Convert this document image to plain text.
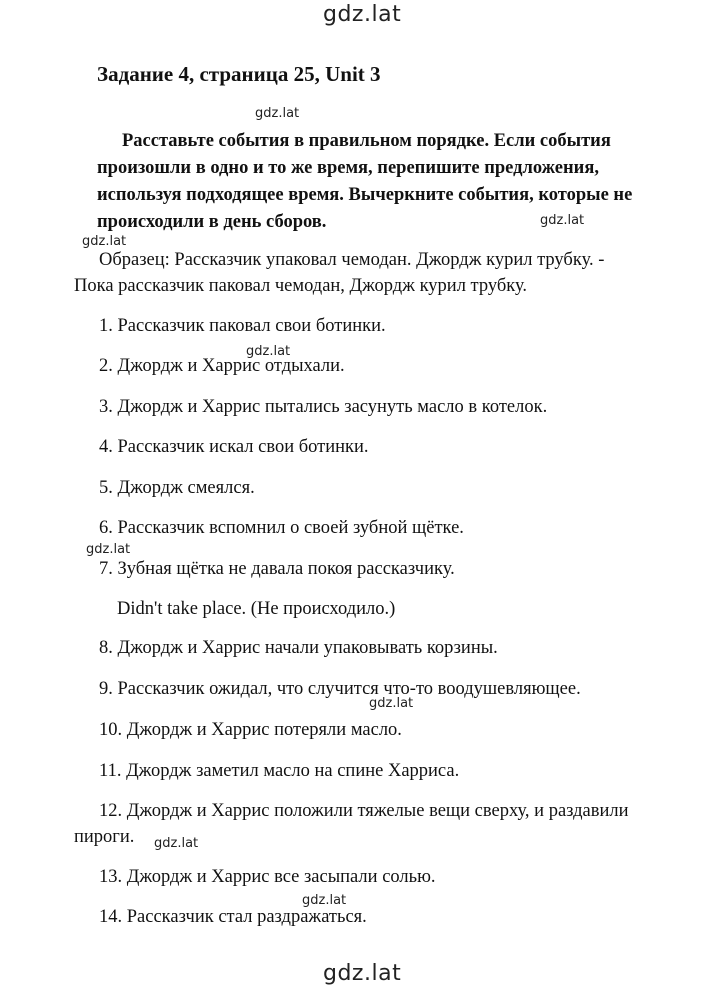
gdz.lat
gdz.lat
gdz.lat
gdz.lat
gdz.lat
gdz.lat
gdz.lat
gdz.lat
gdz.lat
gdz.lat
Задание 4, страница 25, Unit 3
Расставьте события в правильном порядке. Если события
произошли в одно и то же время, перепишите предложения,
используя подходящее время. Вычеркните события, которые не
происходили в день сборов.
Образец: Рассказчик упаковал чемодан. Джордж курил трубку. -
Пока рассказчик паковал чемодан, Джордж курил трубку.
1. Рассказчик паковал свои ботинки.
2. Джордж и Харрис отдыхали.
3. Джордж и Харрис пытались засунуть масло в котелок.
4. Рассказчик искал свои ботинки.
5. Джордж смеялся.
6. Рассказчик вспомнил о своей зубной щётке.
7. Зубная щётка не давала покоя рассказчику.
Didn't take place. (Не происходило.)
8. Джордж и Харрис начали упаковывать корзины.
9. Рассказчик ожидал, что случится что-то воодушевляющее.
10. Джордж и Харрис потеряли масло.
11. Джордж заметил масло на спине Харриса.
12. Джордж и Харрис положили тяжелые вещи сверху, и раздавили
пироги.
13. Джордж и Харрис все засыпали солью.
14. Рассказчик стал раздражаться.
